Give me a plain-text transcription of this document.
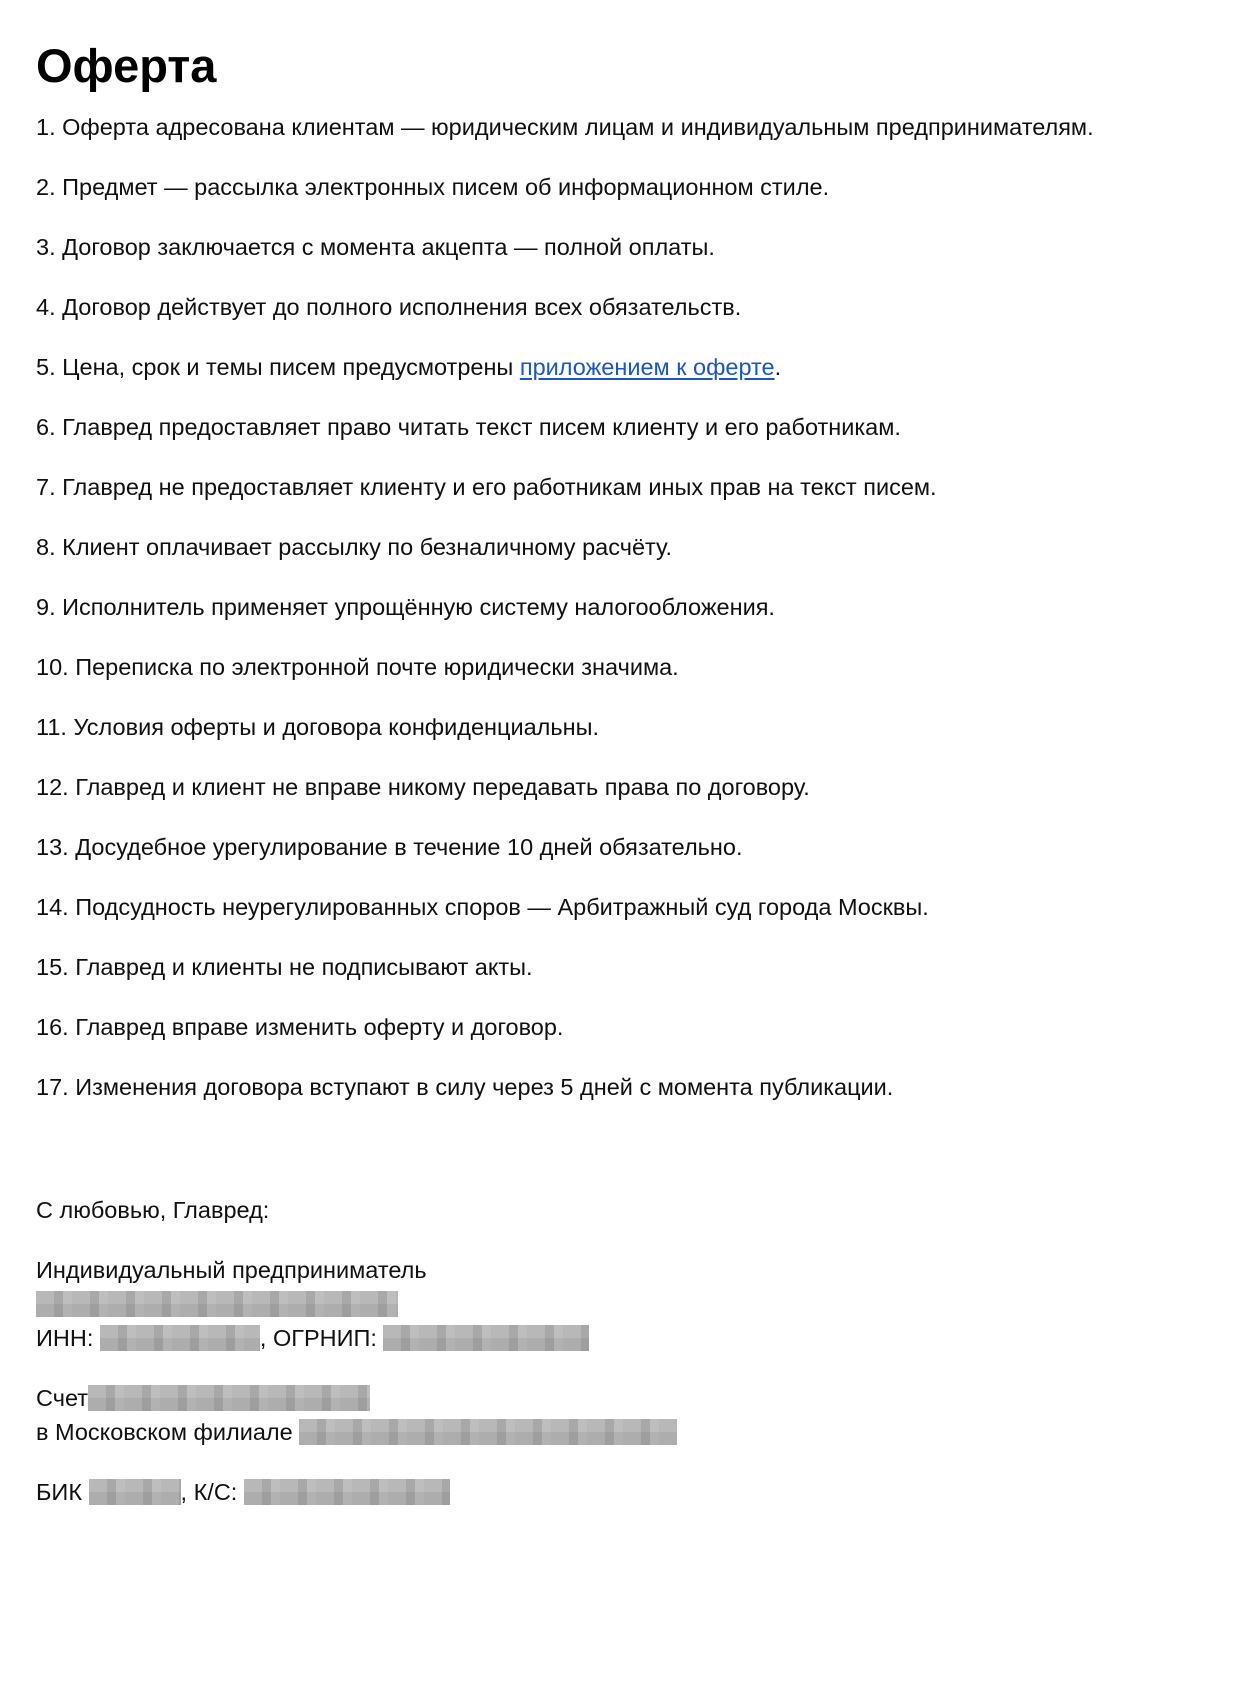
Оферта
1. Оферта адресована клиентам — юридическим лицам и индивидуальным предпринимателям.
2. Предмет — рассылка электронных писем об информационном стиле.
3. Договор заключается с момента акцепта — полной оплаты.
4. Договор действует до полного исполнения всех обязательств.
5. Цена, срок и темы писем предусмотрены приложением к оферте.
6. Главред предоставляет право читать текст писем клиенту и его работникам.
7. Главред не предоставляет клиенту и его работникам иных прав на текст писем.
8. Клиент оплачивает рассылку по безналичному расчёту.
9. Исполнитель применяет упрощённую систему налогообложения.
10. Переписка по электронной почте юридически значима.
11. Условия оферты и договора конфиденциальны.
12. Главред и клиент не вправе никому передавать права по договору.
13. Досудебное урегулирование в течение 10 дней обязательно.
14. Подсудность неурегулированных споров — Арбитражный суд города Москвы.
15. Главред и клиенты не подписывают акты.
16. Главред вправе изменить оферту и договор.
17. Изменения договора вступают в силу через 5 дней с момента публикации.

С любовью, Главред:

Индивидуальный предприниматель

ИНН:	, ОГРНИП:

Счет

в Московском филиале

БИК	, К/С:
